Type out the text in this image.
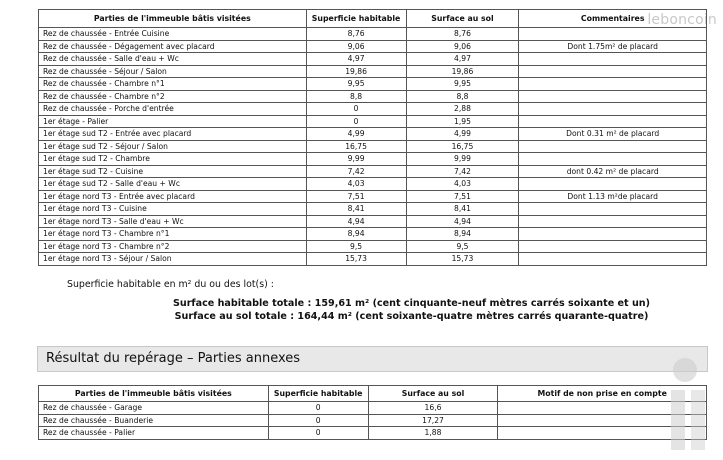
leboncoin
Parties de l'immeuble bâtis visitées	Superficie habitable	Surface au sol	Commentaires
Rez de chaussée - Entrée Cuisine	8,76	8,76	
Rez de chaussée - Dégagement avec placard	9,06	9,06	Dont 1.75m² de placard
Rez de chaussée - Salle d'eau + Wc	4,97	4,97	
Rez de chaussée - Séjour / Salon	19,86	19,86	
Rez de chaussée - Chambre n°1	9,95	9,95	
Rez de chaussée - Chambre n°2	8,8	8,8	
Rez de chaussée - Porche d'entrée	0	2,88	
1er étage - Palier	0	1,95	
1er étage sud T2 - Entrée avec placard	4,99	4,99	Dont 0.31 m² de placard
1er étage sud T2 - Séjour / Salon	16,75	16,75	
1er étage sud T2 - Chambre	9,99	9,99	
1er étage sud T2 - Cuisine	7,42	7,42	dont 0.42 m² de placard
1er étage sud T2 - Salle d'eau + Wc	4,03	4,03	
1er étage nord T3 - Entrée avec placard	7,51	7,51	Dont 1.13 m²de placard
1er étage nord T3 - Cuisine	8,41	8,41	
1er étage nord T3 - Salle d'eau + Wc	4,94	4,94	
1er étage nord T3 - Chambre n°1	8,94	8,94	
1er étage nord T3 - Chambre n°2	9,5	9,5	
1er étage nord T3 - Séjour / Salon	15,73	15,73	
Superficie habitable en m² du ou des lot(s) :
Surface habitable totale : 159,61 m² (cent cinquante-neuf mètres carrés soixante et un)
Surface au sol totale : 164,44 m² (cent soixante-quatre mètres carrés quarante-quatre)
Résultat du repérage – Parties annexes
Parties de l'immeuble bâtis visitées	Superficie habitable	Surface au sol	Motif de non prise en compte
Rez de chaussée - Garage	0	16,6	
Rez de chaussée - Buanderie	0	17,27	
Rez de chaussée - Palier	0	1,88	
